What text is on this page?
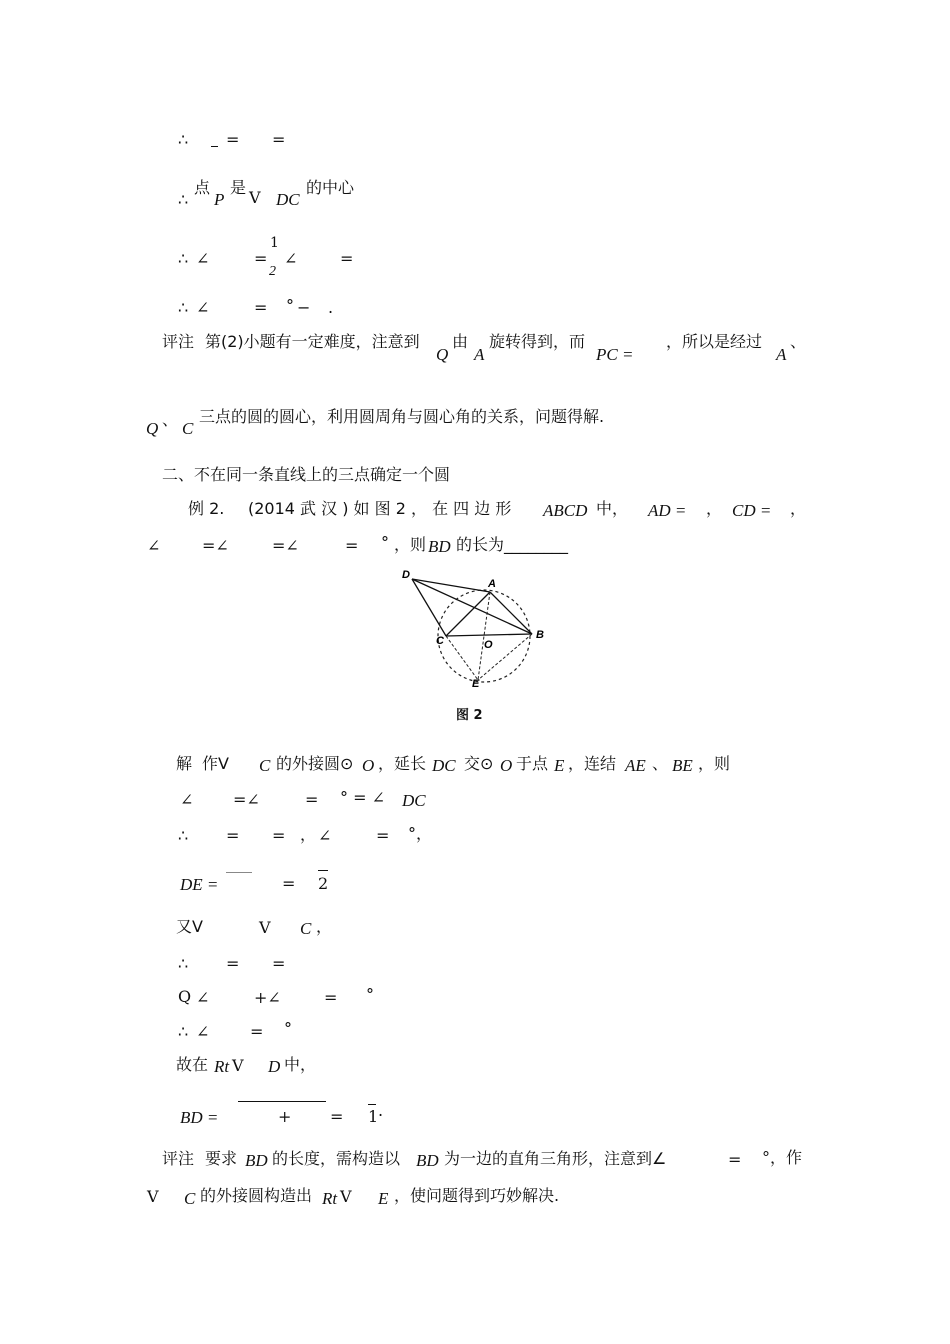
∴ = =
∴
点
P
是
V DC
的中心
∴ ∠	=
1
2
∠	=
∴ ∠	= ° − .
评注 第(2)小题有一定难度，注意到
Q
由
A
旋转得到，而
PC =
，所以是经过
A
、
Q 、 C
三点的圆的圆心，利用圆周角与圆心角的关系，问题得解.
二、不在同一条直线上的三点确定一个圆
例 2. (2014 武 汉 ) 如 图 2 ， 在 四 边 形 ABCD 中， AD = ， CD = ，
∠	=∠	=∠	= ° ，则 BD 的长为________
D
A
C	O
B
E
图 2
解 作V C 的外接圆⊙ O ，延长 DC 交⊙ O 于点 E ，连结 AE 、 BE ，则
∠ =∠	= ° = ∠ DC
∴ = = ， ∠	= °，
DE =	= 2
又V	V C ，
∴ = =
Q ∠	+∠	= °
∴ ∠	= °
故在 Rt V D 中，
BD =	+ = 1 .
评注 要求 BD 的长度，需构造以 BD 为一边的直角三角形，注意到∠	= °，作
V C 的外接圆构造出 Rt V E ，使问题得到巧妙解决.
